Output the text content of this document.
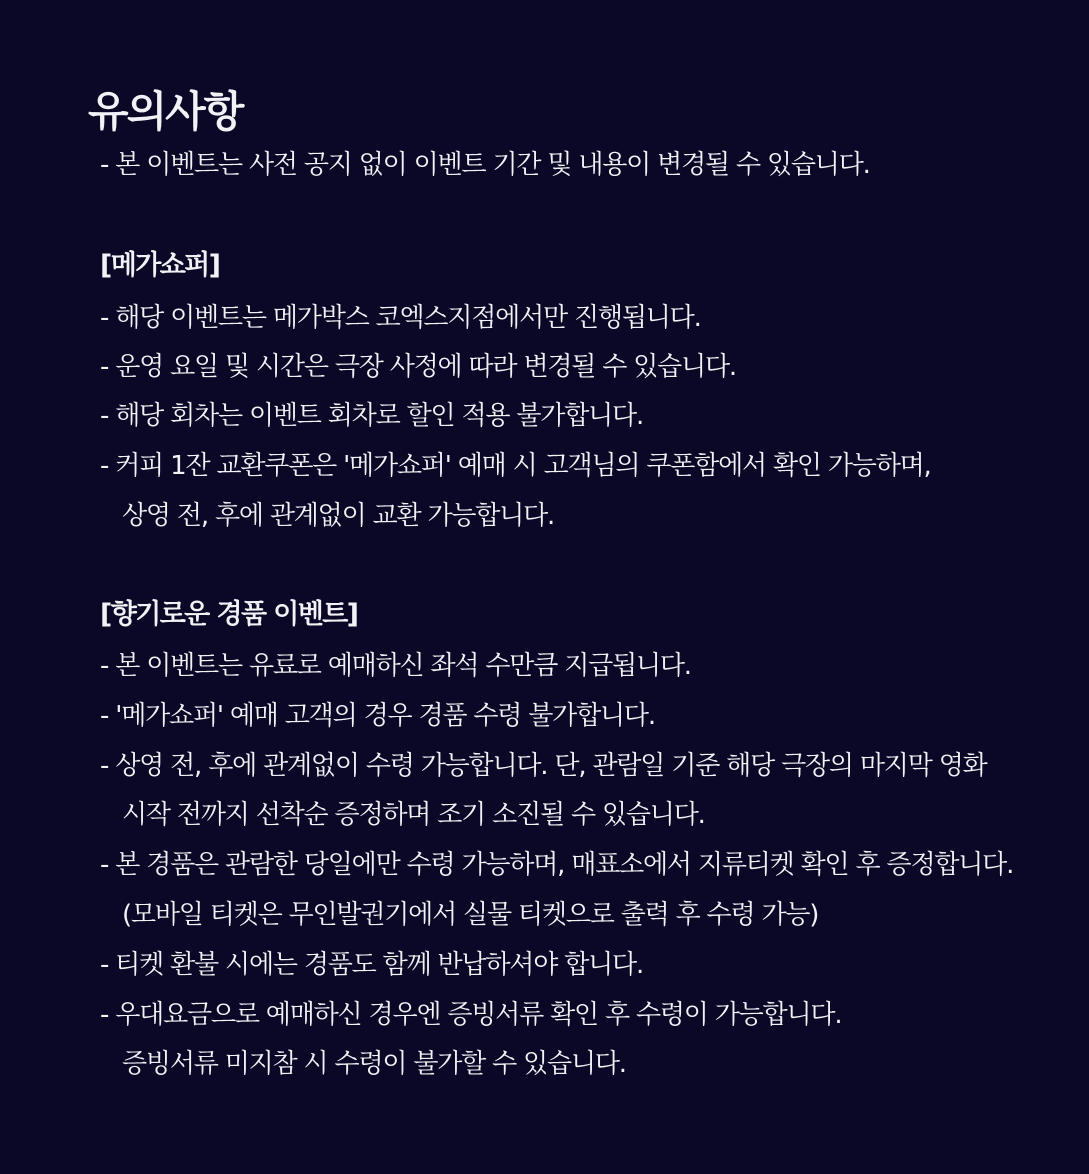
유의사항

- 본 이벤트는 사전 공지 없이 이벤트 기간 및 내용이 변경될 수 있습니다.

[메가쇼퍼]

- 해당 이벤트는 메가박스 코엑스지점에서만 진행됩니다.

- 운영 요일 및 시간은 극장 사정에 따라 변경될 수 있습니다.

- 해당 회차는 이벤트 회차로 할인 적용 불가합니다.

- 커피 1잔 교환쿠폰은 '메가쇼퍼' 예매 시 고객님의 쿠폰함에서 확인 가능하며,

상영 전, 후에 관계없이 교환 가능합니다.

[향기로운 경품 이벤트]

- 본 이벤트는 유료로 예매하신 좌석 수만큼 지급됩니다.

- '메가쇼퍼' 예매 고객의 경우 경품 수령 불가합니다.

- 상영 전, 후에 관계없이 수령 가능합니다. 단, 관람일 기준 해당 극장의 마지막 영화

시작 전까지 선착순 증정하며 조기 소진될 수 있습니다.

- 본 경품은 관람한 당일에만 수령 가능하며, 매표소에서 지류티켓 확인 후 증정합니다.

(모바일 티켓은 무인발권기에서 실물 티켓으로 출력 후 수령 가능)

- 티켓 환불 시에는 경품도 함께 반납하셔야 합니다.

- 우대요금으로 예매하신 경우엔 증빙서류 확인 후 수령이 가능합니다.

증빙서류 미지참 시 수령이 불가할 수 있습니다.
